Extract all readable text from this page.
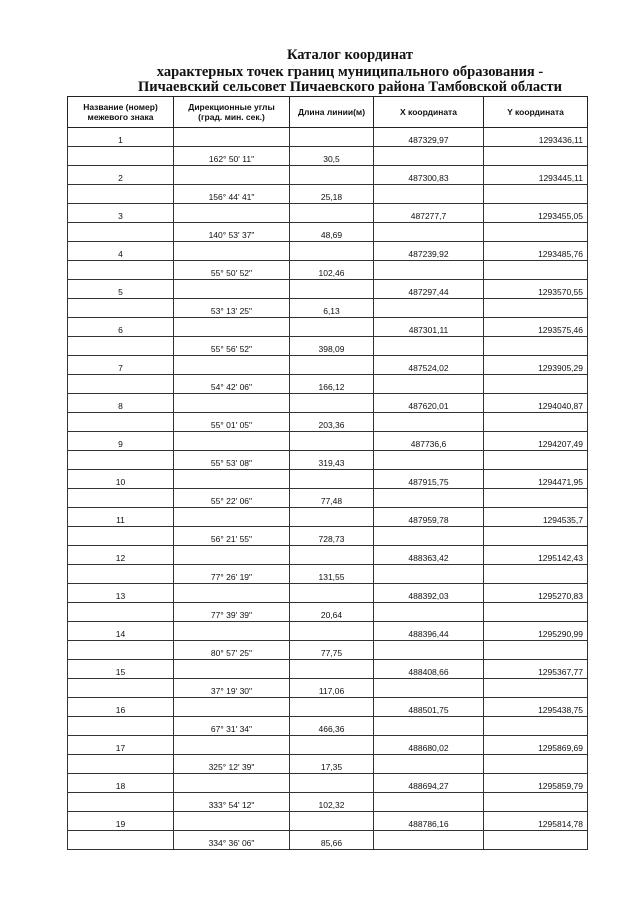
Каталог координат

характерных точек границ муниципального образования -

Пичаевский сельсовет Пичаевского района Тамбовской области

Название (номер) межевого знака	Дирекционные углы (град. мин. сек.)	Длина линии(м)	X координата	Y координата
1			487329,97	1293436,11
	162° 50' 11"	30,5		
2			487300,83	1293445,11
	156° 44' 41"	25,18		
3			487277,7	1293455,05
	140° 53' 37"	48,69		
4			487239,92	1293485,76
	55° 50' 52"	102,46		
5			487297,44	1293570,55
	53° 13' 25"	6,13		
6			487301,11	1293575,46
	55° 56' 52"	398,09		
7			487524,02	1293905,29
	54° 42' 06"	166,12		
8			487620,01	1294040,87
	55° 01' 05"	203,36		
9			487736,6	1294207,49
	55° 53' 08"	319,43		
10			487915,75	1294471,95
	55° 22' 06"	77,48		
11			487959,78	1294535,7
	56° 21' 55"	728,73		
12			488363,42	1295142,43
	77° 26' 19"	131,55		
13			488392,03	1295270,83
	77° 39' 39"	20,64		
14			488396,44	1295290,99
	80° 57' 25"	77,75		
15			488408,66	1295367,77
	37° 19' 30"	117,06		
16			488501,75	1295438,75
	67° 31' 34"	466,36		
17			488680,02	1295869,69
	325° 12' 39"	17,35		
18			488694,27	1295859,79
	333° 54' 12"	102,32		
19			488786,16	1295814,78
	334° 36' 06"	85,66		
